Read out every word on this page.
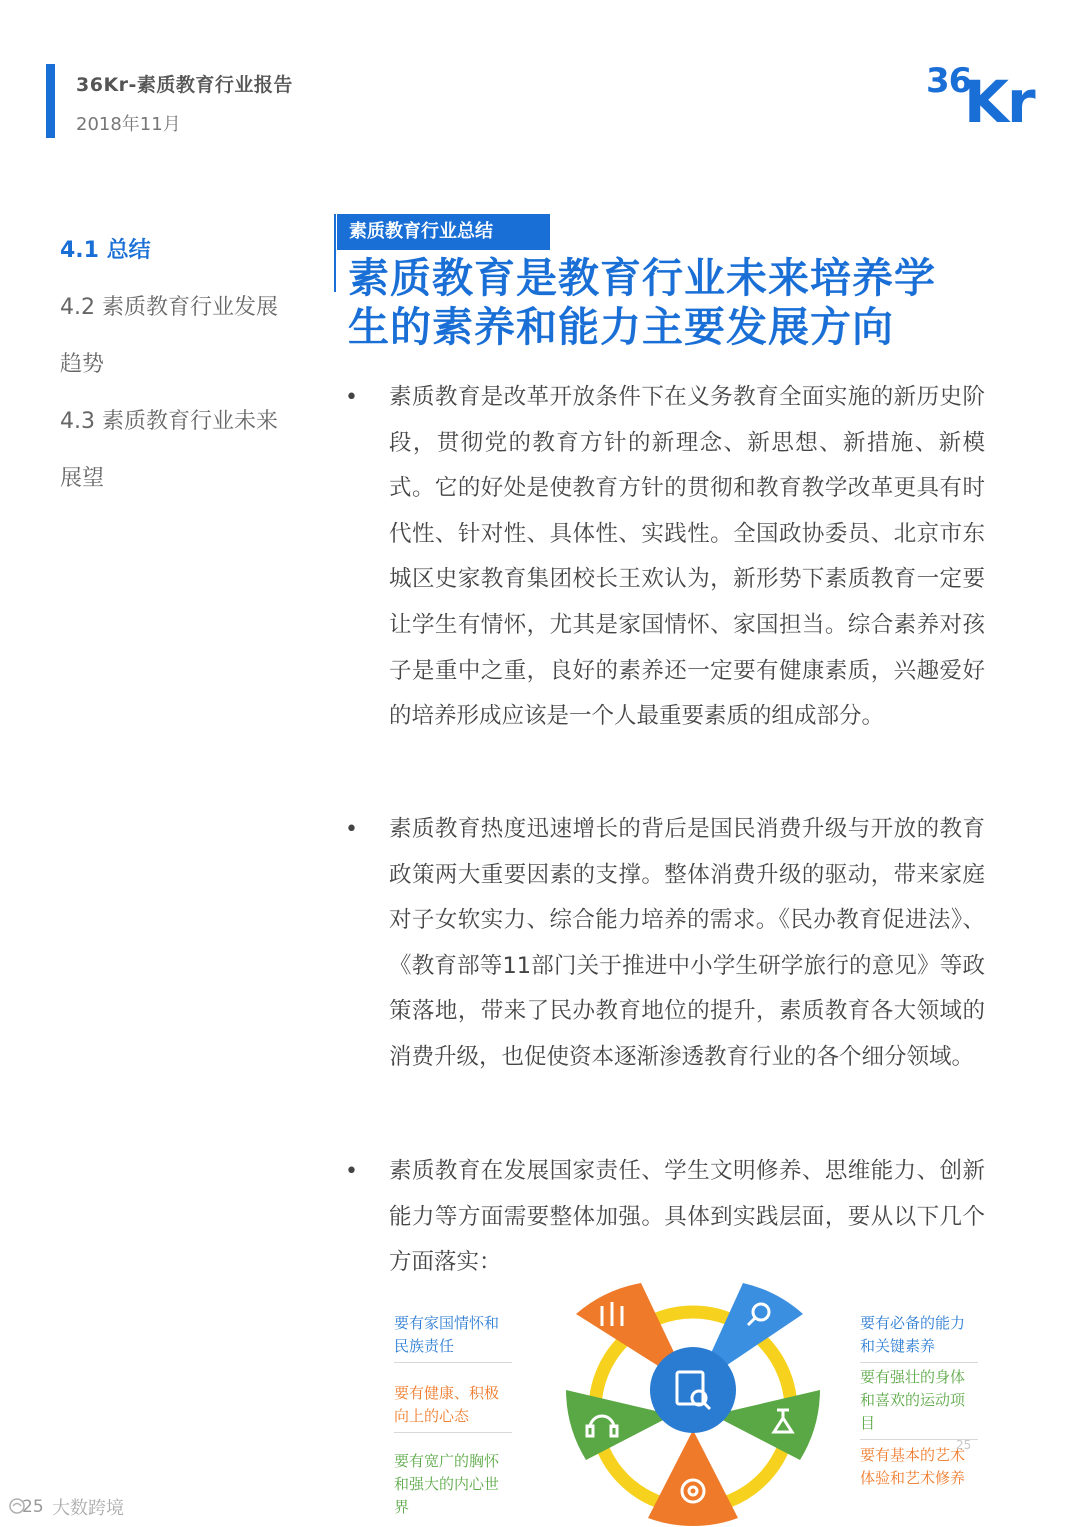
36Kr-素质教育行业报告
2018年11月
36
Kr
4.1 总结
4.2 素质教育行业发展
趋势
4.3 素质教育行业未来
展望
素质教育行业总结
素质教育是教育行业未来培养学
生的素养和能力主要发展方向
• 素质教育是改革开放条件下在义务教育全面实施的新历史阶段，贯彻党的教育方针的新理念、新思想、新措施、新模式。它的好处是使教育方针的贯彻和教育教学改革更具有时代性、针对性、具体性、实践性。全国政协委员、北京市东城区史家教育集团校长王欢认为，新形势下素质教育一定要让学生有情怀，尤其是家国情怀、家国担当。综合素养对孩子是重中之重，良好的素养还一定要有健康素质，兴趣爱好的培养形成应该是一个人最重要素质的组成部分。
• 素质教育热度迅速增长的背后是国民消费升级与开放的教育政策两大重要因素的支撑。整体消费升级的驱动，带来家庭对子女软实力、综合能力培养的需求。《民办教育促进法》、《教育部等11部门关于推进中小学生研学旅行的意见》等政策落地，带来了民办教育地位的提升，素质教育各大领域的消费升级，也促使资本逐渐渗透教育行业的各个细分领域。
• 素质教育在发展国家责任、学生文明修养、思维能力、创新能力等方面需要整体加强。具体到实践层面，要从以下几个方面落实：
要有家国情怀和民族责任
要有健康、积极向上的心态
要有宽广的胸怀和强大的内心世界
要有必备的能力和关键素养
要有强壮的身体和喜欢的运动项目
要有基本的艺术体验和艺术修养
25 大数跨境
25
